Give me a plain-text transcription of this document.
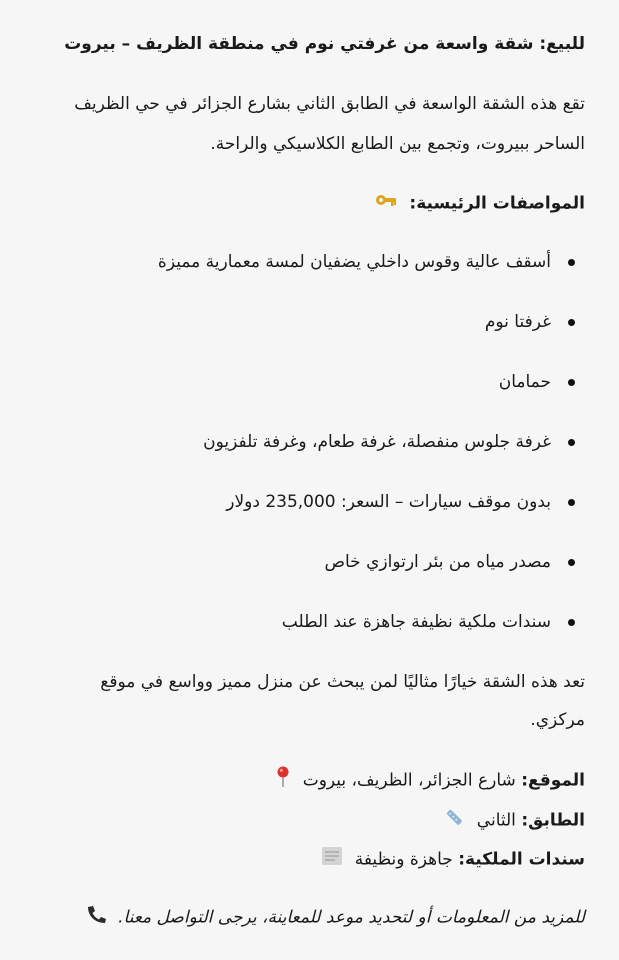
للبيع: شقة واسعة من غرفتي نوم في منطقة الظريف – بيروت
تقع هذه الشقة الواسعة في الطابق الثاني بشارع الجزائر في حي الظريف
الساحر ببيروت، وتجمع بين الطابع الكلاسيكي والراحة.
المواصفات الرئيسية:
أسقف عالية وقوس داخلي يضفيان لمسة معمارية مميزة
غرفتا نوم
حمامان
غرفة جلوس منفصلة، غرفة طعام، وغرفة تلفزيون
بدون موقف سيارات – السعر: 235,000 دولار
مصدر مياه من بئر ارتوازي خاص
سندات ملكية نظيفة جاهزة عند الطلب
تعد هذه الشقة خيارًا مثاليًا لمن يبحث عن منزل مميز وواسع في موقع
مركزي.
الموقع: شارع الجزائر، الظريف، بيروت
الطابق: الثاني
سندات الملكية: جاهزة ونظيفة
للمزيد من المعلومات أو لتحديد موعد للمعاينة، يرجى التواصل معنا.
